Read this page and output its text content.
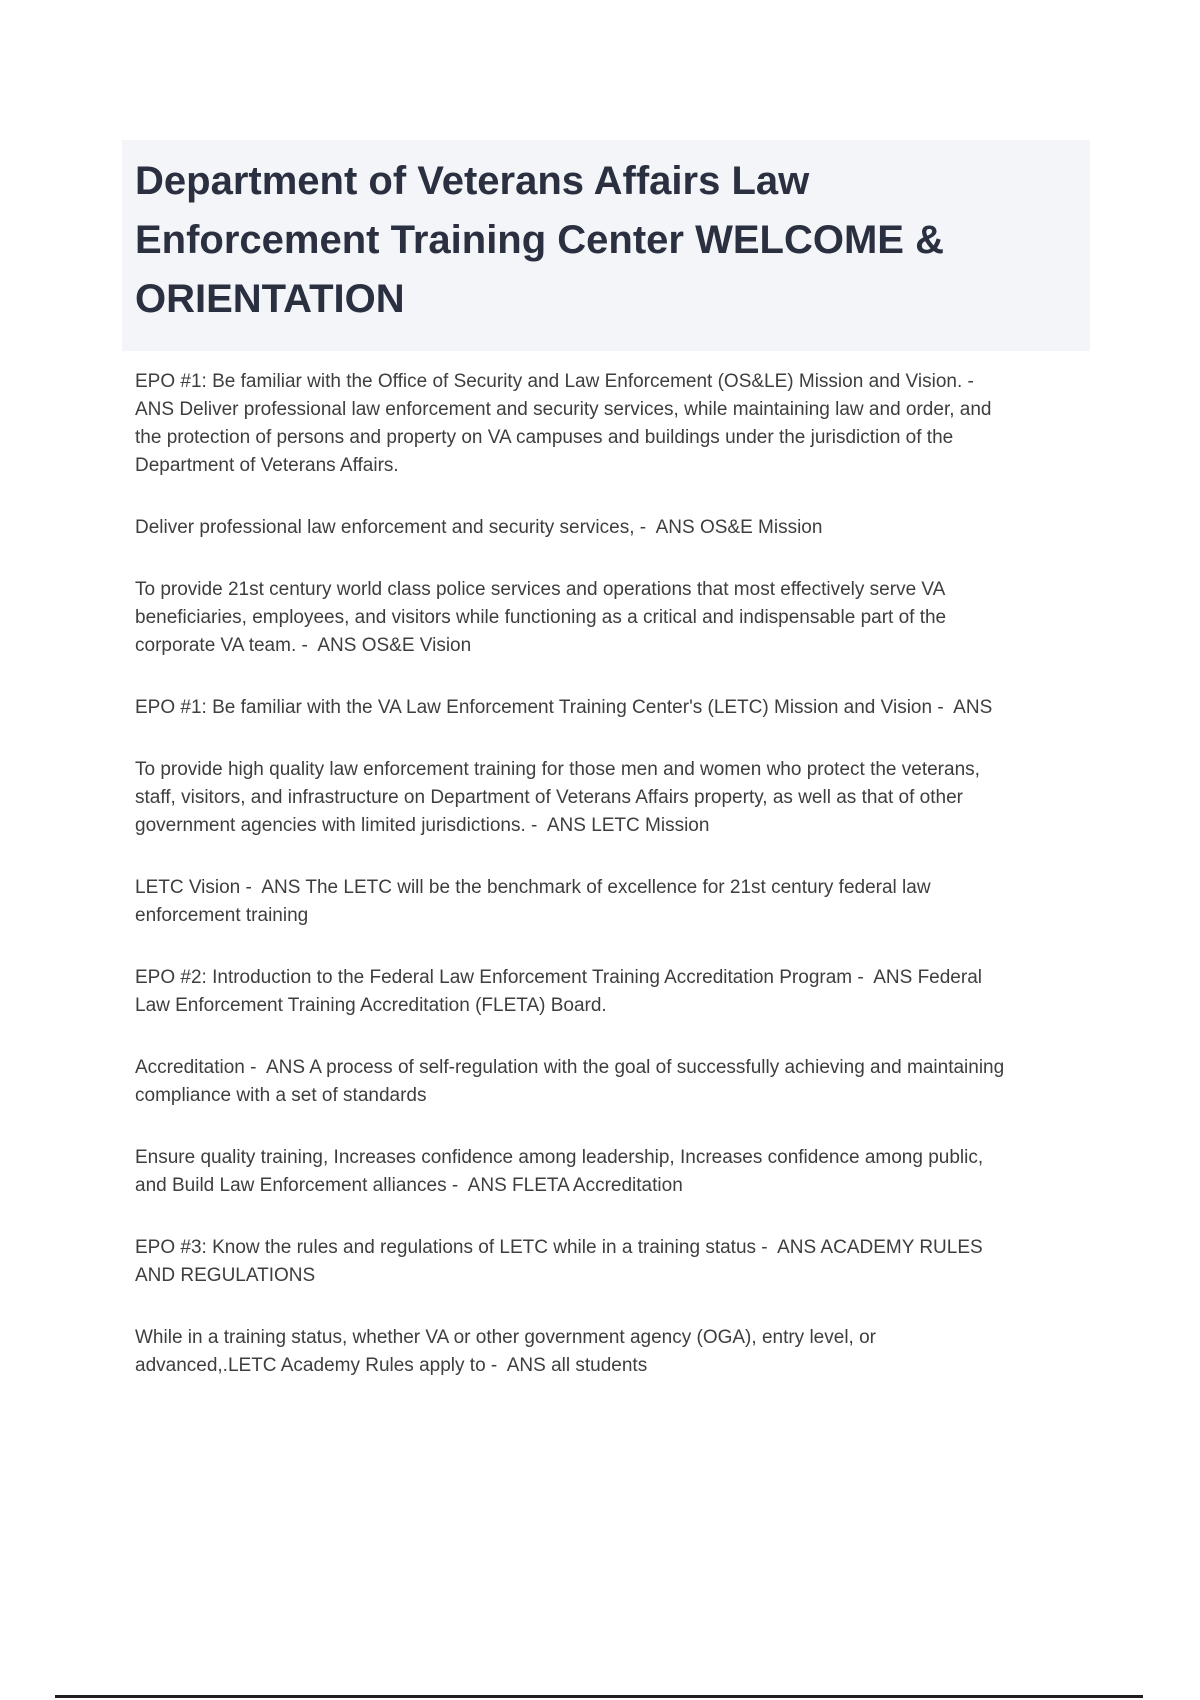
Department of Veterans Affairs Law Enforcement Training Center WELCOME & ORIENTATION

EPO #1: Be familiar with the Office of Security and Law Enforcement (OS&LE) Mission and Vision. -  ANS Deliver professional law enforcement and security services, while maintaining law and order, and the protection of persons and property on VA campuses and buildings under the jurisdiction of the Department of Veterans Affairs.

Deliver professional law enforcement and security services, -  ANS OS&E Mission

To provide 21st century world class police services and operations that most effectively serve VA beneficiaries, employees, and visitors while functioning as a critical and indispensable part of the corporate VA team. -  ANS OS&E Vision

EPO #1: Be familiar with the VA Law Enforcement Training Center's (LETC) Mission and Vision -  ANS

To provide high quality law enforcement training for those men and women who protect the veterans, staff, visitors, and infrastructure on Department of Veterans Affairs property, as well as that of other government agencies with limited jurisdictions. -  ANS LETC Mission

LETC Vision -  ANS The LETC will be the benchmark of excellence for 21st century federal law enforcement training

EPO #2: Introduction to the Federal Law Enforcement Training Accreditation Program -  ANS Federal Law Enforcement Training Accreditation (FLETA) Board.

Accreditation -  ANS A process of self-regulation with the goal of successfully achieving and maintaining compliance with a set of standards

Ensure quality training, Increases confidence among leadership, Increases confidence among public, and Build Law Enforcement alliances -  ANS FLETA Accreditation

EPO #3: Know the rules and regulations of LETC while in a training status -  ANS ACADEMY RULES AND REGULATIONS

While in a training status, whether VA or other government agency (OGA), entry level, or advanced,.LETC Academy Rules apply to -  ANS all students
